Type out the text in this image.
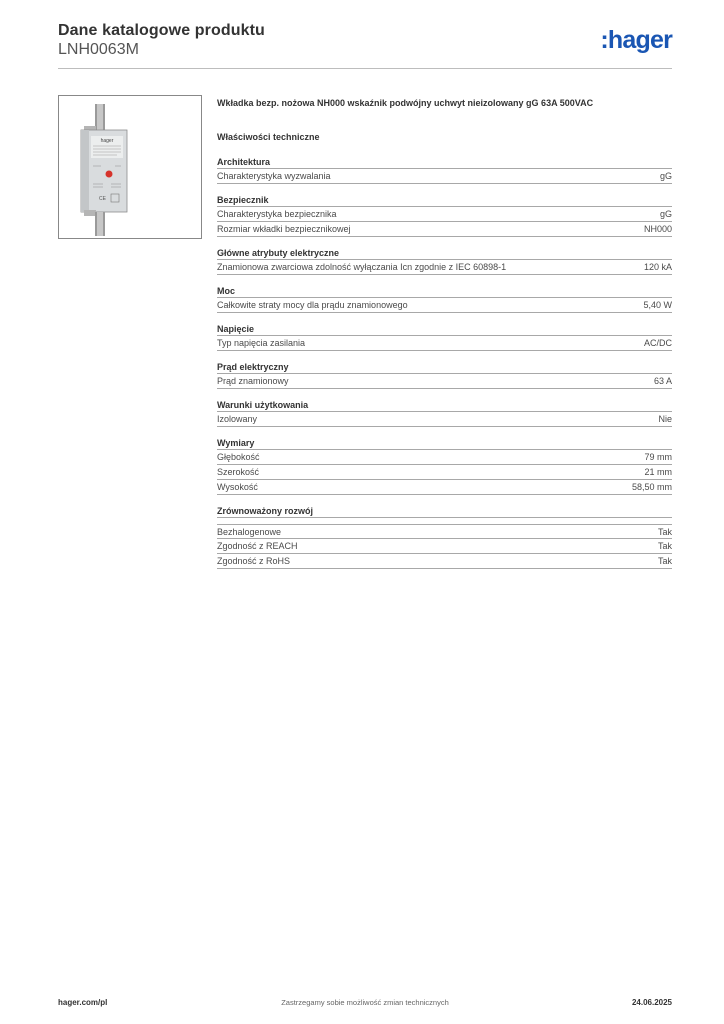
Dane katalogowe produktu
LNH0063M	:hager
hager
CE
Wkładka bezp. nożowa NH000 wskaźnik podwójny uchwyt nieizolowany gG 63A 500VAC
Właściwości techniczne
Architektura
Charakterystyka wyzwalania	gG
Bezpiecznik
Charakterystyka bezpiecznika	gG
Rozmiar wkładki bezpiecznikowej	NH000
Główne atrybuty elektryczne
Znamionowa zwarciowa zdolność wyłączania Icn zgodnie z IEC 60898-1	120 kA
Moc
Całkowite straty mocy dla prądu znamionowego	5,40 W
Napięcie
Typ napięcia zasilania	AC/DC
Prąd elektryczny
Prąd znamionowy	63 A
Warunki użytkowania
Izolowany	Nie
Wymiary
Głębokość	79 mm
Szerokość	21 mm
Wysokość	58,50 mm
Zrównoważony rozwój
Bezhalogenowe	Tak
Zgodność z REACH	Tak
Zgodność z RoHS	Tak
hager.com/pl	Zastrzegamy sobie możliwość zmian technicznych	24.06.2025
